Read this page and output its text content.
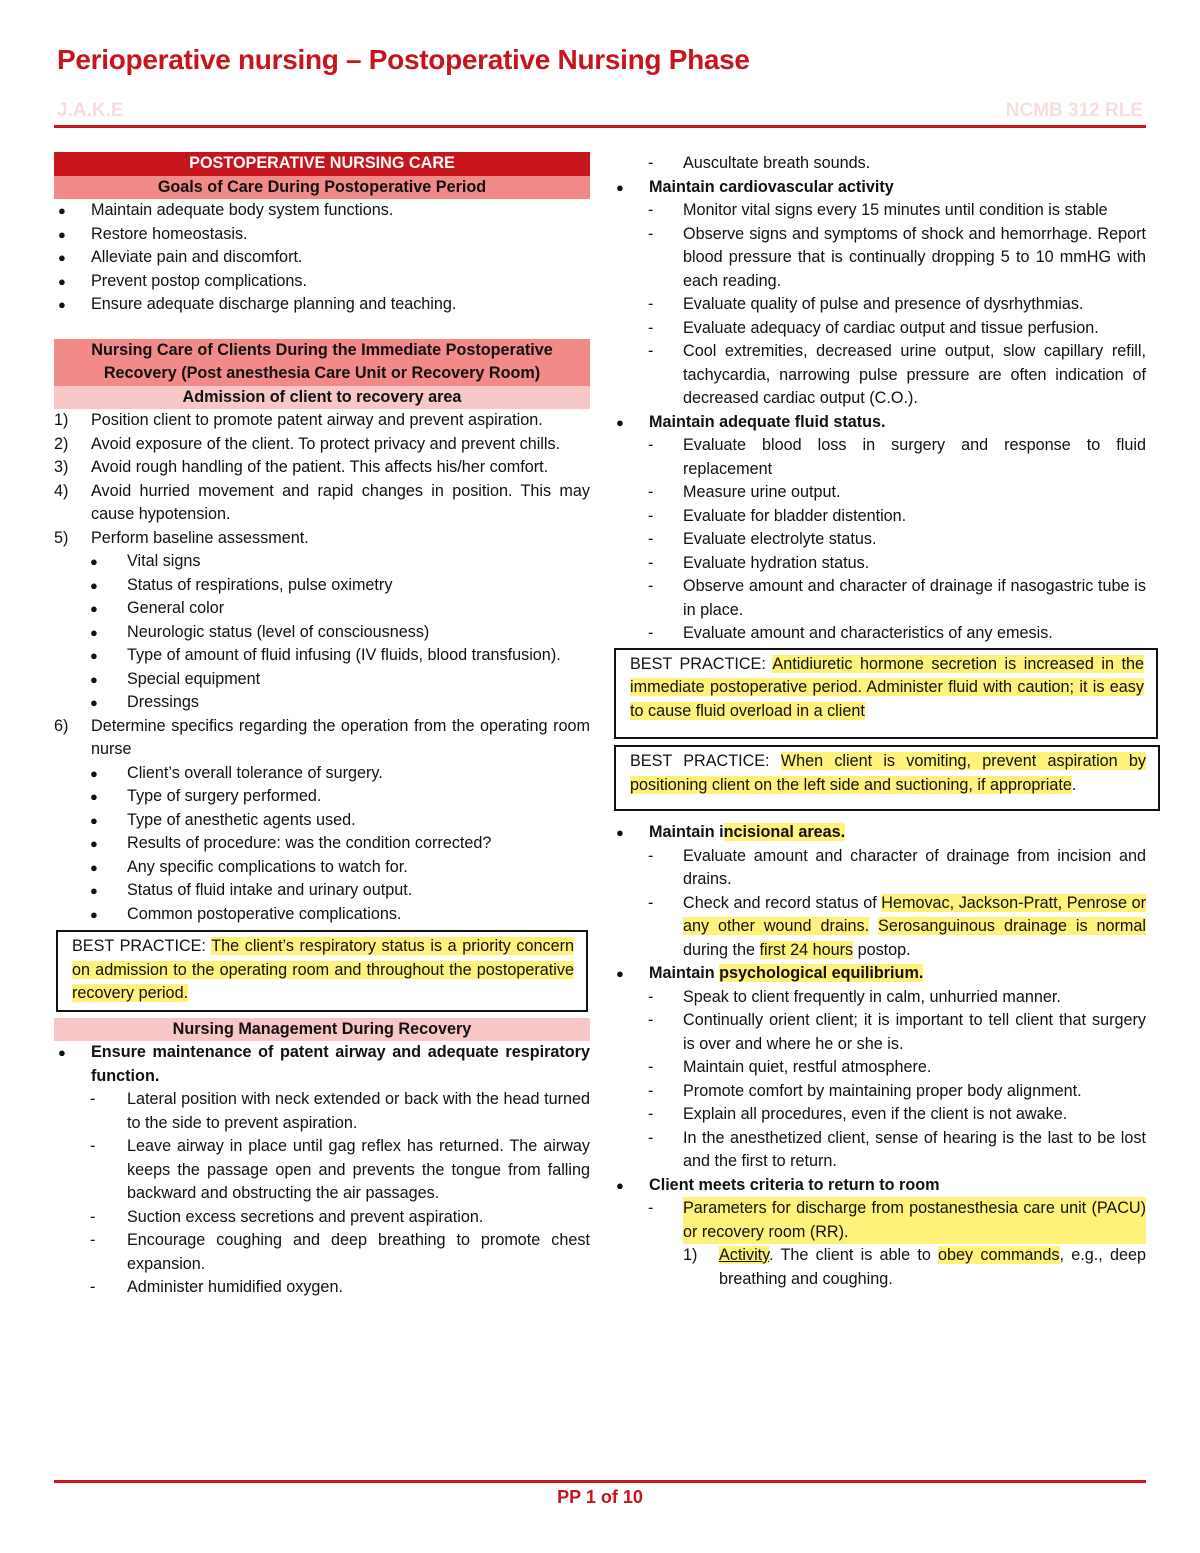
Perioperative nursing – Postoperative Nursing Phase
J.A.K.E	NCMB 312 RLE
POSTOPERATIVE NURSING CARE
Goals of Care During Postoperative Period
●	Maintain adequate body system functions.
●	Restore homeostasis.
●	Alleviate pain and discomfort.
●	Prevent postop complications.
●	Ensure adequate discharge planning and teaching.
Nursing Care of Clients During the Immediate Postoperative Recovery (Post anesthesia Care Unit or Recovery Room)
Admission of client to recovery area
1)	Position client to promote patent airway and prevent aspiration.
2)	Avoid exposure of the client. To protect privacy and prevent chills.
3)	Avoid rough handling of the patient. This affects his/her comfort.
4)	Avoid hurried movement and rapid changes in position. This may cause hypotension.
5)	Perform baseline assessment.
●	Vital signs
●	Status of respirations, pulse oximetry
●	General color
●	Neurologic status (level of consciousness)
●	Type of amount of fluid infusing (IV fluids, blood transfusion).
●	Special equipment
●	Dressings
6)	Determine specifics regarding the operation from the operating room nurse
●	Client’s overall tolerance of surgery.
●	Type of surgery performed.
●	Type of anesthetic agents used.
●	Results of procedure: was the condition corrected?
●	Any specific complications to watch for.
●	Status of fluid intake and urinary output.
●	Common postoperative complications.
BEST PRACTICE: The client’s respiratory status is a priority concern on admission to the operating room and throughout the postoperative recovery period.
Nursing Management During Recovery
●	Ensure maintenance of patent airway and adequate respiratory function.
-	Lateral position with neck extended or back with the head turned to the side to prevent aspiration.
-	Leave airway in place until gag reflex has returned. The airway keeps the passage open and prevents the tongue from falling backward and obstructing the air passages.
-	Suction excess secretions and prevent aspiration.
-	Encourage coughing and deep breathing to promote chest expansion.
-	Administer humidified oxygen.
-	Auscultate breath sounds.
●	Maintain cardiovascular activity
-	Monitor vital signs every 15 minutes until condition is stable
-	Observe signs and symptoms of shock and hemorrhage. Report blood pressure that is continually dropping 5 to 10 mmHG with each reading.
-	Evaluate quality of pulse and presence of dysrhythmias.
-	Evaluate adequacy of cardiac output and tissue perfusion.
-	Cool extremities, decreased urine output, slow capillary refill, tachycardia, narrowing pulse pressure are often indication of decreased cardiac output (C.O.).
●	Maintain adequate fluid status.
-	Evaluate blood loss in surgery and response to fluid replacement
-	Measure urine output.
-	Evaluate for bladder distention.
-	Evaluate electrolyte status.
-	Evaluate hydration status.
-	Observe amount and character of drainage if nasogastric tube is in place.
-	Evaluate amount and characteristics of any emesis.
BEST PRACTICE: Antidiuretic hormone secretion is increased in the immediate postoperative period. Administer fluid with caution; it is easy to cause fluid overload in a client
BEST PRACTICE: When client is vomiting, prevent aspiration by positioning client on the left side and suctioning, if appropriate.
●	Maintain incisional areas.
-	Evaluate amount and character of drainage from incision and drains.
-	Check and record status of Hemovac, Jackson-Pratt, Penrose or any other wound drains. Serosanguinous drainage is normal during the first 24 hours postop.
●	Maintain psychological equilibrium.
-	Speak to client frequently in calm, unhurried manner.
-	Continually orient client; it is important to tell client that surgery is over and where he or she is.
-	Maintain quiet, restful atmosphere.
-	Promote comfort by maintaining proper body alignment.
-	Explain all procedures, even if the client is not awake.
-	In the anesthetized client, sense of hearing is the last to be lost and the first to return.
●	Client meets criteria to return to room
-	Parameters for discharge from postanesthesia care unit (PACU) or recovery room (RR).
1)	Activity. The client is able to obey commands, e.g., deep breathing and coughing.
PP 1 of 10
